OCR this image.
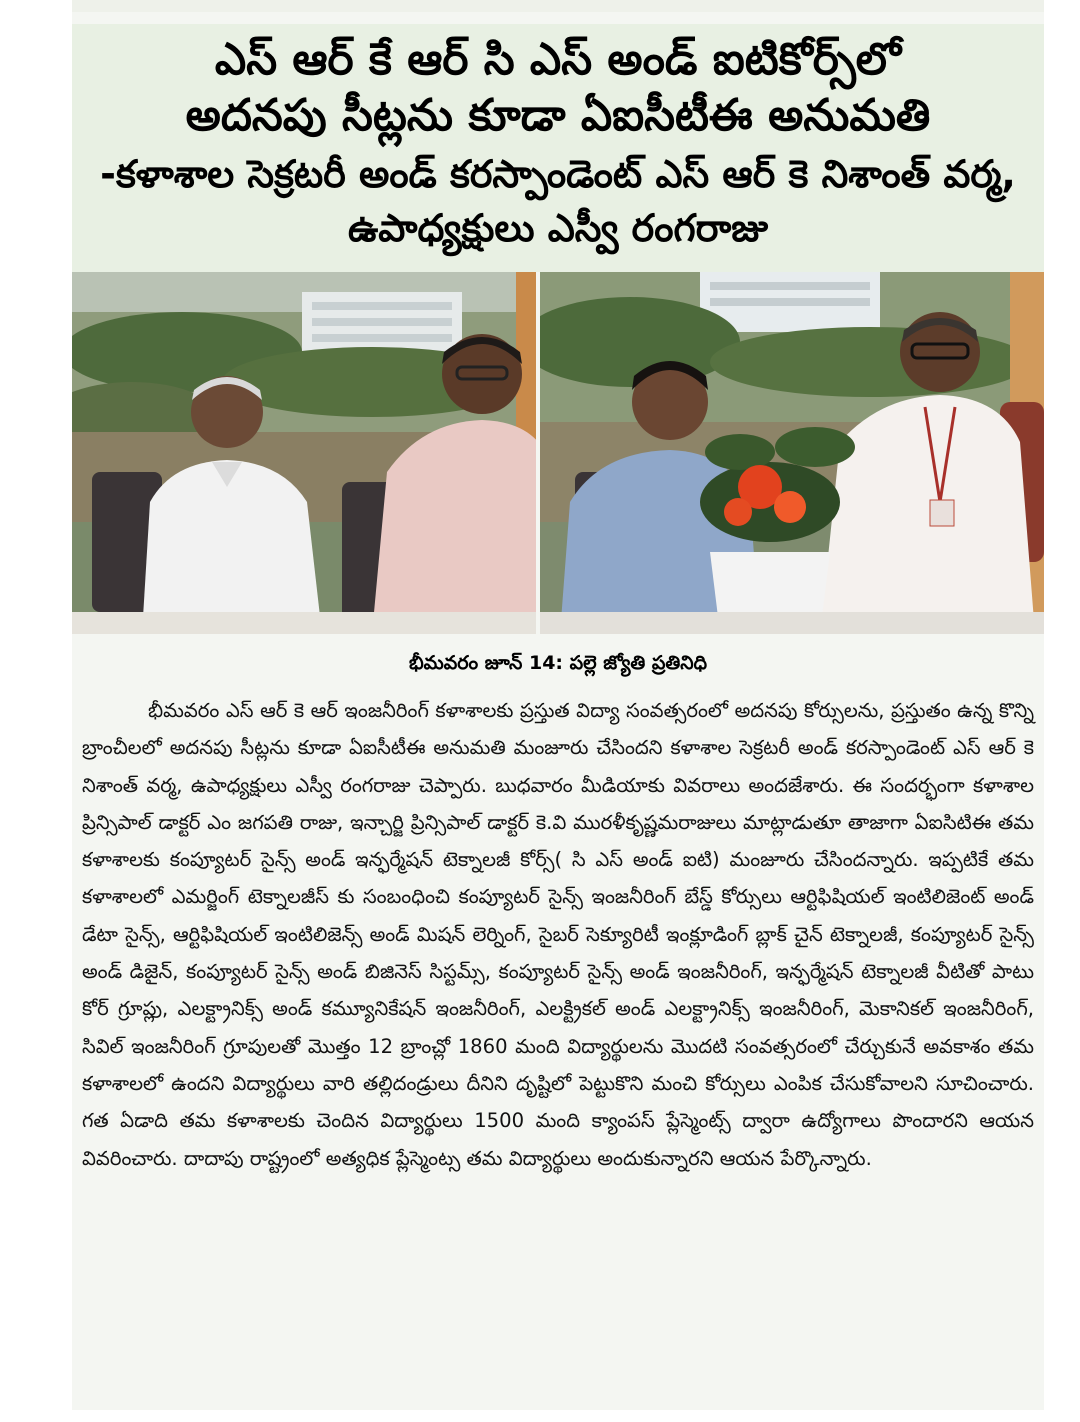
ఎస్ ఆర్ కే ఆర్ సి ఎస్ అండ్ ఐటికోర్స్‌లో
అదనపు సీట్లను కూడా ఏఐసీటీఈ అనుమతి
-కళాశాల సెక్రటరీ అండ్ కరస్పాండెంట్ ఎస్ ఆర్ కె నిశాంత్ వర్మ,
ఉపాధ్యక్షులు ఎస్వీ రంగరాజు
భీమవరం జూన్ 14: పల్లె జ్యోతి ప్రతినిధి
భీమవరం ఎస్ ఆర్ కె ఆర్ ఇంజనీరింగ్ కళాశాలకు ప్రస్తుత విద్యా సంవత్సరంలో అదనపు కోర్సులను, ప్రస్తుతం ఉన్న కొన్ని బ్రాంచీలలో అదనపు సీట్లను కూడా ఏఐసీటీఈ అనుమతి మంజూరు చేసిందని కళాశాల సెక్రటరీ అండ్ కరస్పాండెంట్ ఎస్ ఆర్ కె నిశాంత్ వర్మ, ఉపాధ్యక్షులు ఎస్వీ రంగరాజు చెప్పారు. బుధవారం మీడియాకు వివరాలు అందజేశారు. ఈ సందర్భంగా కళాశాల ప్రిన్సిపాల్ డాక్టర్ ఎం జగపతి రాజు, ఇన్చార్జి ప్రిన్సిపాల్ డాక్టర్ కె.వి మురళీకృష్ణమరాజులు మాట్లాడుతూ తాజాగా ఏఐసిటిఈ తమ కళాశాలకు కంప్యూటర్ సైన్స్ అండ్ ఇన్ఫర్మేషన్ టెక్నాలజీ కోర్స్( సి ఎస్ అండ్ ఐటి) మంజూరు చేసిందన్నారు. ఇప్పటికే తమ కళాశాలలో ఎమర్జింగ్ టెక్నాలజీస్ కు సంబంధించి కంప్యూటర్ సైన్స్ ఇంజనీరింగ్ బేస్డ్ కోర్సులు ఆర్టిఫిషియల్ ఇంటిలిజెంట్ అండ్ డేటా సైన్స్, ఆర్టిఫిషియల్ ఇంటిలిజెన్స్ అండ్ మిషన్ లెర్నింగ్, సైబర్ సెక్యూరిటీ ఇంక్లూడింగ్ బ్లాక్ చైన్ టెక్నాలజీ, కంప్యూటర్ సైన్స్ అండ్ డిజైన్, కంప్యూటర్ సైన్స్ అండ్ బిజినెస్ సిస్టమ్స్, కంప్యూటర్ సైన్స్ అండ్ ఇంజనీరింగ్, ఇన్ఫర్మేషన్ టెక్నాలజీ వీటితో పాటు కోర్ గ్రూప్లు, ఎలక్ట్రానిక్స్ అండ్ కమ్యూనికేషన్ ఇంజనీరింగ్, ఎలక్ట్రికల్ అండ్ ఎలక్ట్రానిక్స్ ఇంజనీరింగ్, మెకానికల్ ఇంజనీరింగ్, సివిల్ ఇంజనీరింగ్ గ్రూపులతో మొత్తం 12 బ్రాంచ్లో 1860 మంది విద్యార్థులను మొదటి సంవత్సరంలో చేర్చుకునే అవకాశం తమ కళాశాలలో ఉందని విద్యార్థులు వారి తల్లిదండ్రులు దీనిని దృష్టిలో పెట్టుకొని మంచి కోర్సులు ఎంపిక చేసుకోవాలని సూచించారు. గత ఏడాది తమ కళాశాలకు చెందిన విద్యార్థులు 1500 మంది క్యాంపస్ ప్లేస్మెంట్స్ ద్వారా ఉద్యోగాలు పొందారని ఆయన వివరించారు. దాదాపు రాష్ట్రంలో అత్యధిక ప్లేస్మెంట్స తమ విద్యార్థులు అందుకున్నారని ఆయన పేర్కొన్నారు.
